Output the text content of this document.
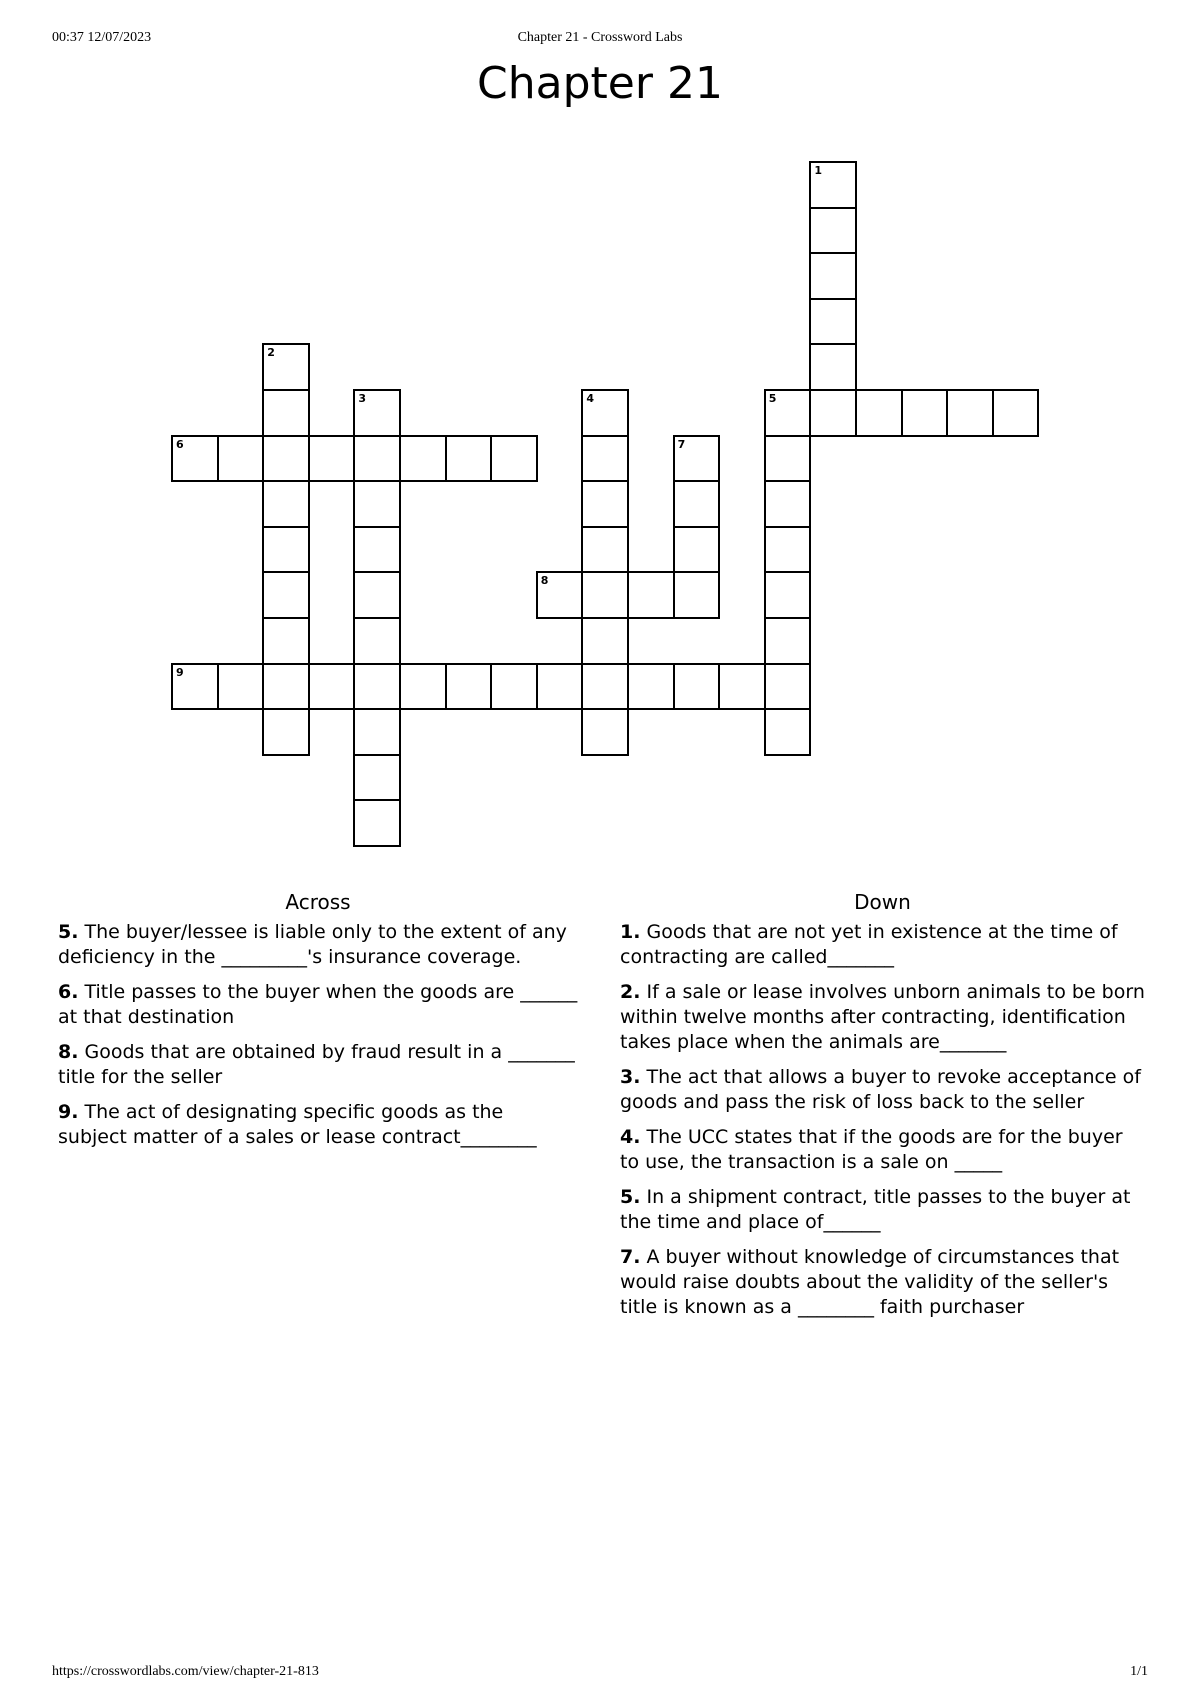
00:37 12/07/2023	Chapter 21 - Crossword Labs
Chapter 21
1
2
3	4	5
6	7
8
9
Across
5. The buyer/lessee is liable only to the extent of any deficiency in the _________'s insurance coverage.
6. Title passes to the buyer when the goods are ______ at that destination
8. Goods that are obtained by fraud result in a _______ title for the seller
9. The act of designating specific goods as the subject matter of a sales or lease contract________
Down
1. Goods that are not yet in existence at the time of contracting are called_______
2. If a sale or lease involves unborn animals to be born within twelve months after contracting, identification takes place when the animals are_______
3. The act that allows a buyer to revoke acceptance of goods and pass the risk of loss back to the seller
4. The UCC states that if the goods are for the buyer to use, the transaction is a sale on _____
5. In a shipment contract, title passes to the buyer at the time and place of______
7. A buyer without knowledge of circumstances that would raise doubts about the validity of the seller's title is known as a ________ faith purchaser
https://crosswordlabs.com/view/chapter-21-813	1/1
